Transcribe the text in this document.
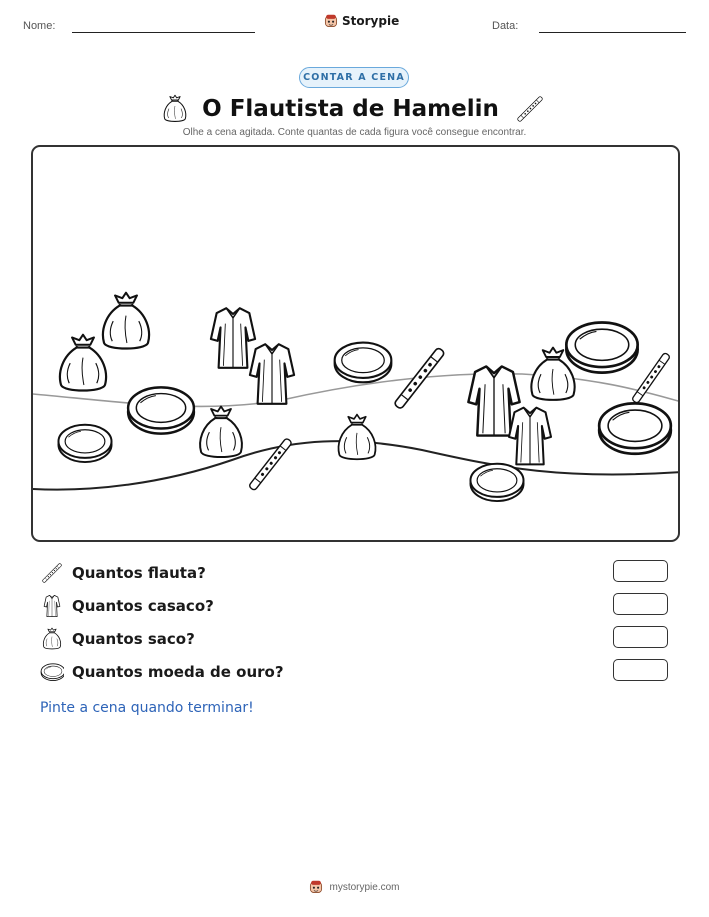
Nome:	Storypie	Data:
CONTAR A CENA
O Flautista de Hamelin
Olhe a cena agitada. Conte quantas de cada figura você consegue encontrar.
Quantos flauta?
Quantos casaco?
Quantos saco?
Quantos moeda de ouro?
Pinte a cena quando terminar!
mystorypie.com
